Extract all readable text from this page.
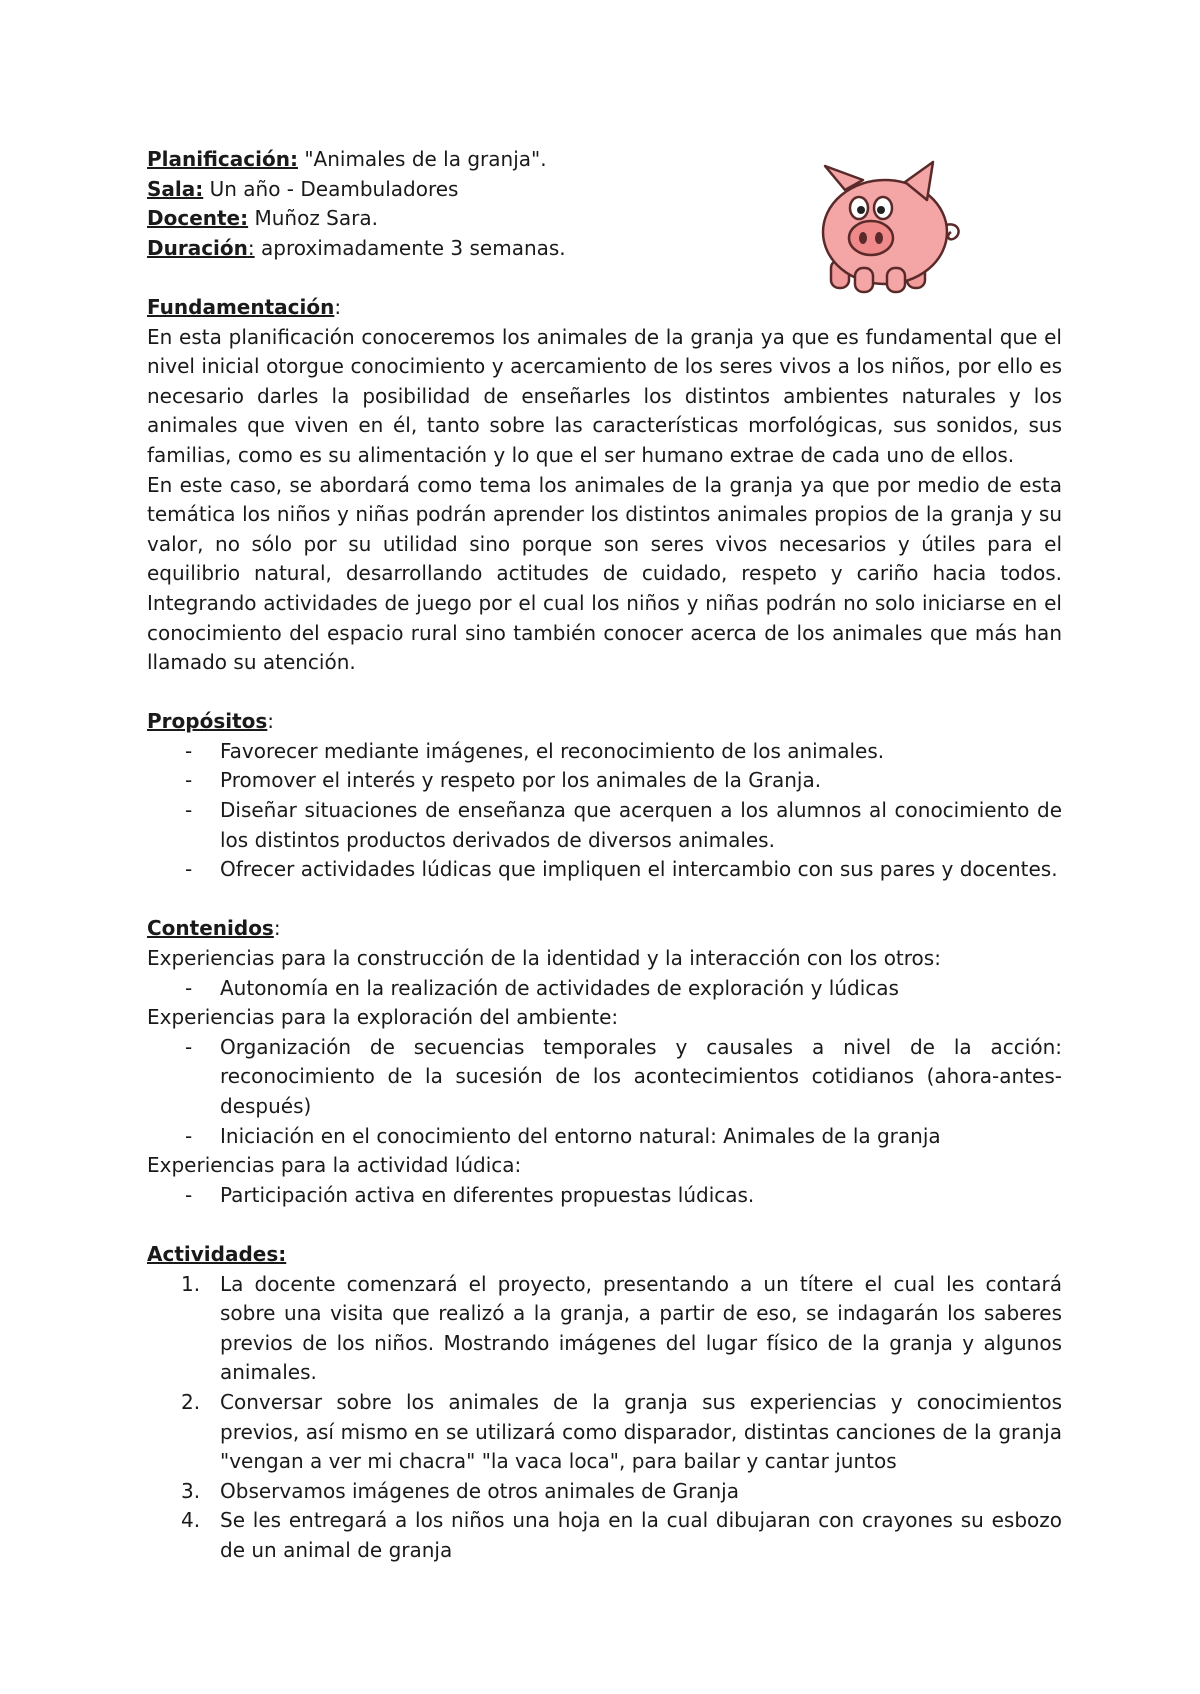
Planificación: "Animales de la granja".

Sala: Un año - Deambuladores

Docente: Muñoz Sara.

Duración: aproximadamente 3 semanas.

Fundamentación:

En esta planificación conoceremos los animales de la granja ya que es fundamental que el nivel inicial otorgue conocimiento y acercamiento de los seres vivos a los niños, por ello es necesario darles la posibilidad de enseñarles los distintos ambientes naturales y los animales que viven en él, tanto sobre las características morfológicas, sus sonidos, sus familias, como es su alimentación y lo que el ser humano extrae de cada uno de ellos.

En este caso, se abordará como tema los animales de la granja ya que por medio de esta temática los niños y niñas podrán aprender los distintos animales propios de la granja y su valor, no sólo por su utilidad sino porque son seres vivos necesarios y útiles para el equilibrio natural, desarrollando actitudes de cuidado, respeto y cariño hacia todos. Integrando actividades de juego por el cual los niños y niñas podrán no solo iniciarse en el conocimiento del espacio rural sino también conocer acerca de los animales que más han llamado su atención.

Propósitos:

- Favorecer mediante imágenes, el reconocimiento de los animales.
- Promover el interés y respeto por los animales de la Granja.
- Diseñar situaciones de enseñanza que acerquen a los alumnos al conocimiento de los distintos productos derivados de diversos animales.
- Ofrecer actividades lúdicas que impliquen el intercambio con sus pares y docentes.

Contenidos:

Experiencias para la construcción de la identidad y la interacción con los otros:

- Autonomía en la realización de actividades de exploración y lúdicas

Experiencias para la exploración del ambiente:

- Organización de secuencias temporales y causales a nivel de la acción: reconocimiento de la sucesión de los acontecimientos cotidianos (ahora-antes-después)
- Iniciación en el conocimiento del entorno natural: Animales de la granja

Experiencias para la actividad lúdica:

- Participación activa en diferentes propuestas lúdicas.

Actividades:

1. La docente comenzará el proyecto, presentando a un títere el cual les contará sobre una visita que realizó a la granja, a partir de eso, se indagarán los saberes previos de los niños. Mostrando imágenes del lugar físico de la granja y algunos animales.
2. Conversar sobre los animales de la granja sus experiencias y conocimientos previos, así mismo en se utilizará como disparador, distintas canciones de la granja "vengan a ver mi chacra" "la vaca loca", para bailar y cantar juntos
3. Observamos imágenes de otros animales de Granja
4. Se les entregará a los niños una hoja en la cual dibujaran con crayones su esbozo de un animal de granja
